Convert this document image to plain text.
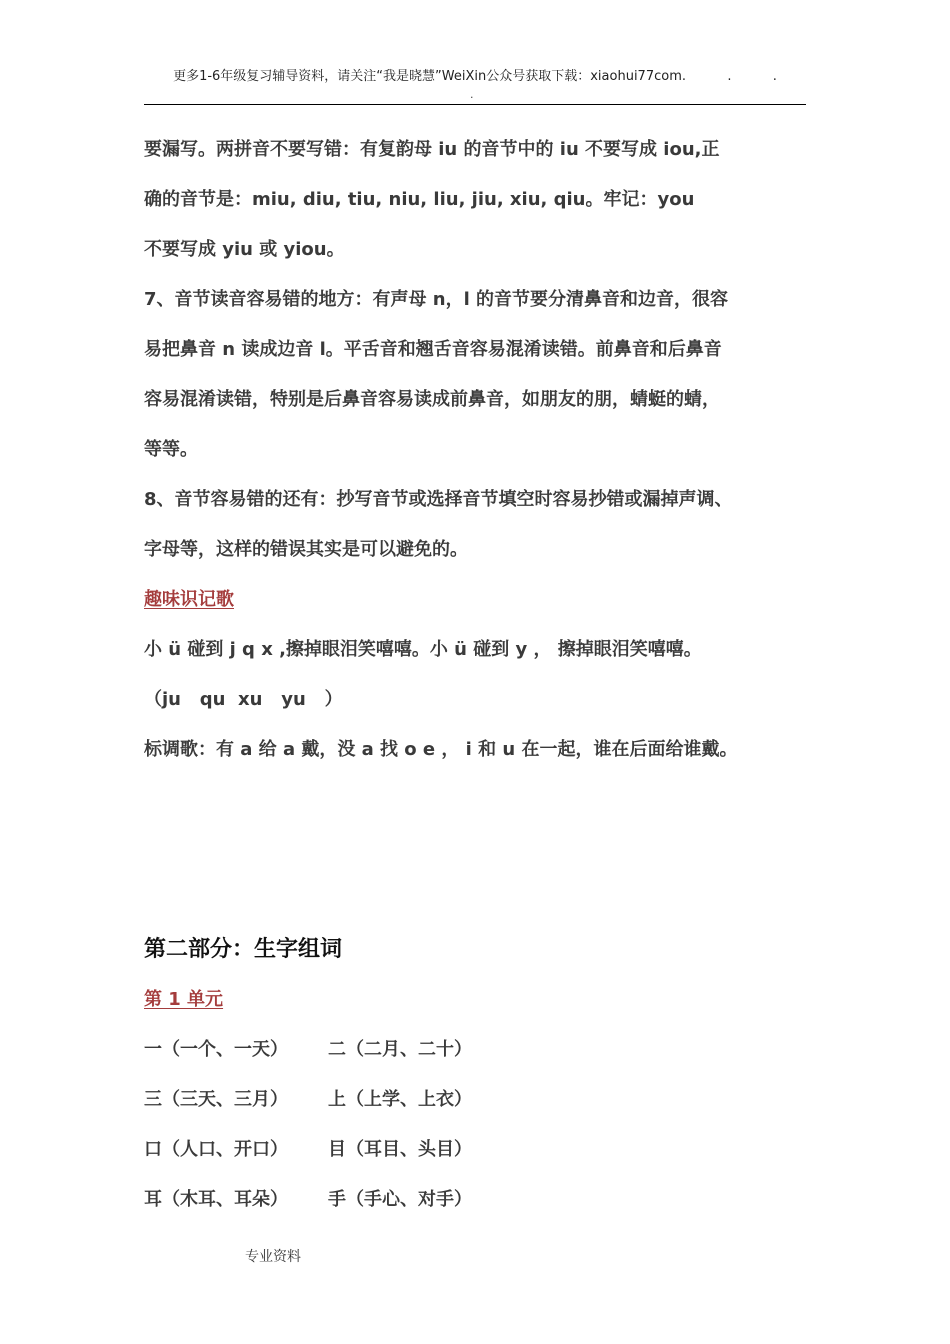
更多1-6年级复习辅导资料，请关注“我是晓慧”WeiXin公众号获取下载：xiaohui77com.          .          .
.

要漏写。两拼音不要写错：有复韵母 iu 的音节中的 iu 不要写成 iou,正

确的音节是：miu, diu, tiu, niu, liu, jiu, xiu, qiu。牢记：you

不要写成 yiu 或 yiou。

7、音节读音容易错的地方：有声母 n，l 的音节要分清鼻音和边音，很容

易把鼻音 n 读成边音 l。平舌音和翘舌音容易混淆读错。前鼻音和后鼻音

容易混淆读错，特别是后鼻音容易读成前鼻音，如朋友的朋，蜻蜓的蜻，

等等。

8、音节容易错的还有：抄写音节或选择音节填空时容易抄错或漏掉声调、

字母等，这样的错误其实是可以避免的。

趣味识记歌

小 ü 碰到 j q x ,擦掉眼泪笑嘻嘻。小 ü 碰到 y ， 擦掉眼泪笑嘻嘻。

（ju   qu  xu   yu   ）

标调歌：有 a 给 a 戴，没 a 找 o e ， i 和 u 在一起，谁在后面给谁戴。

第二部分：生字组词

第 1 单元

一（一个、一天）	二（二月、二十）
三（三天、三月）	上（上学、上衣）
口（人口、开口）	目（耳目、头目）
耳（木耳、耳朵）	手（手心、对手）
专业资料
